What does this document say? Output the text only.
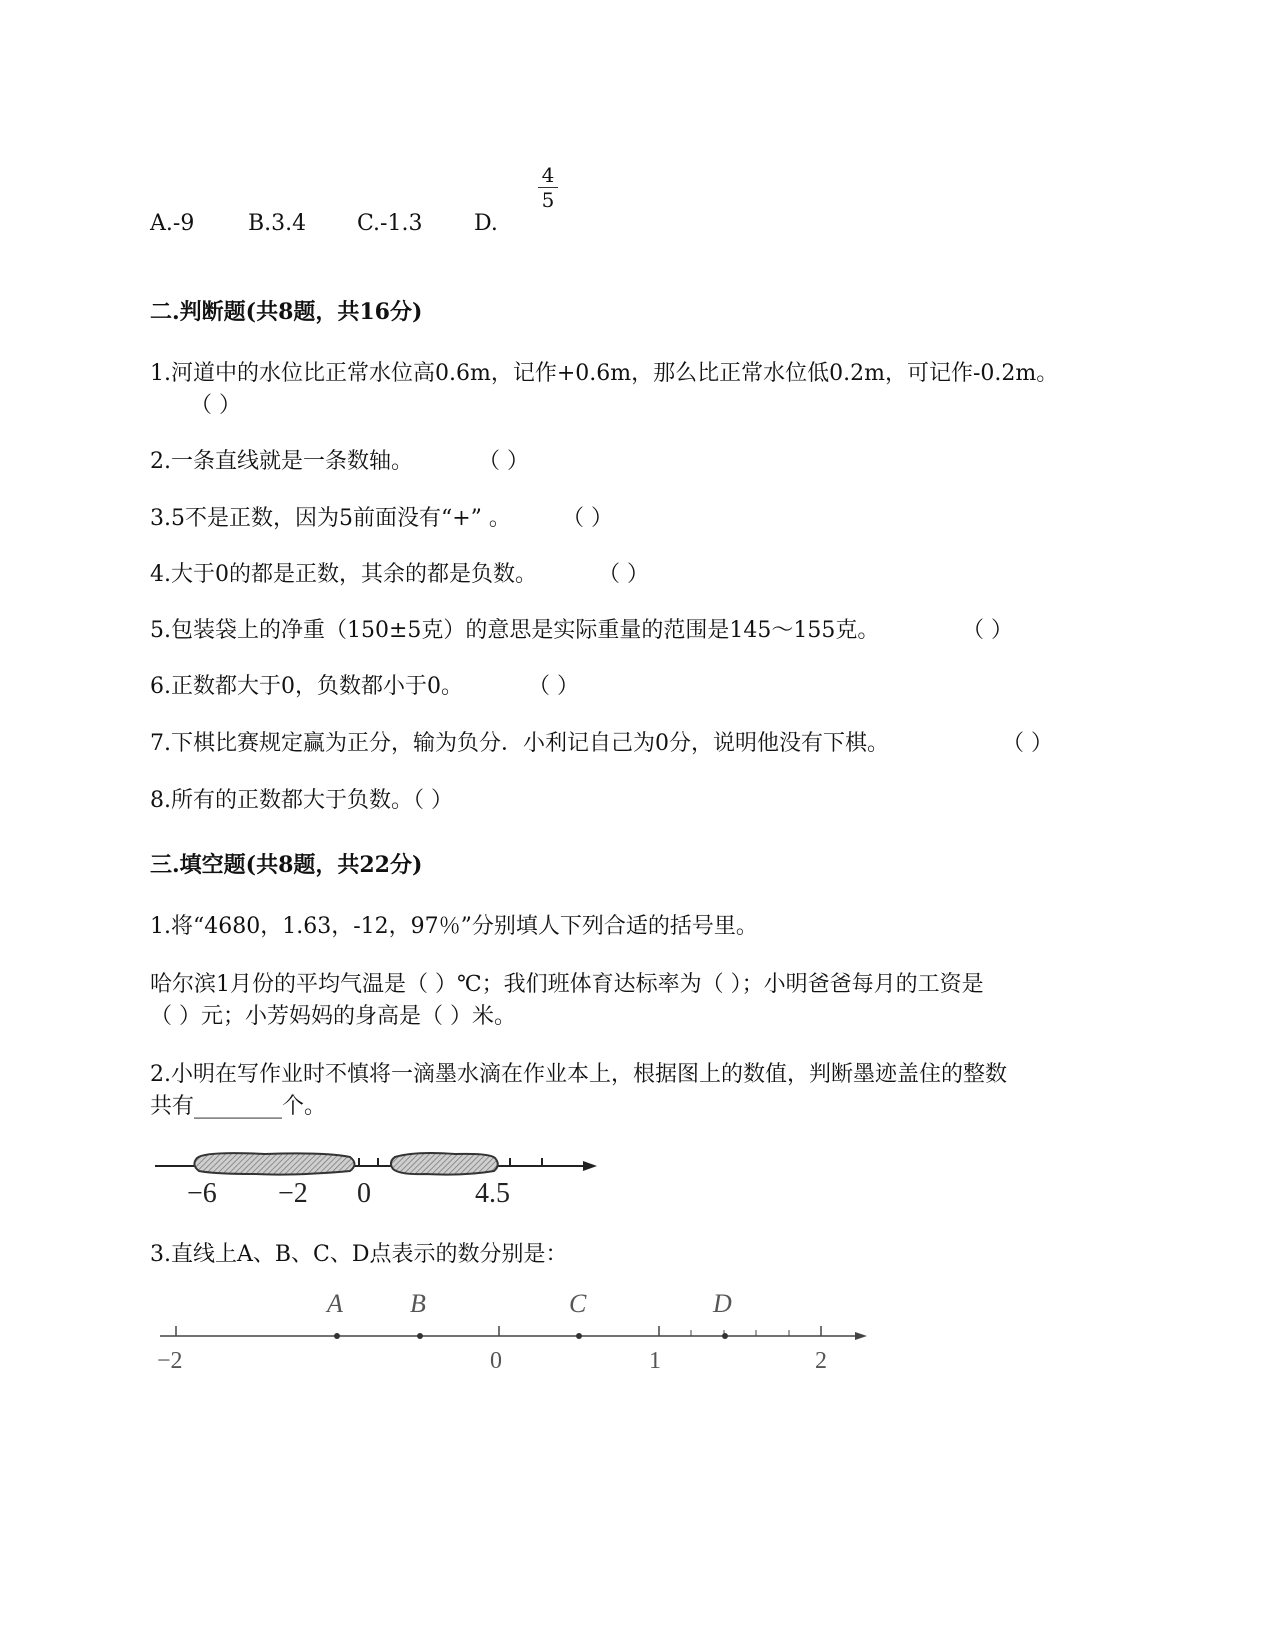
A.-9 B.3.4 C.-1.3 D.
4
5
二.判断题(共8题，共16分)
1.河道中的水位比正常水位高0.6m，记作+0.6m，那么比正常水位低0.2m，可记作-0.2m。
（ ）
2.一条直线就是一条数轴。	（ ）
3.5不是正数，因为5前面没有“+” 。 （ ）
4.大于0的都是正数，其余的都是负数。	（ ）
5.包装袋上的净重（150±5克）的意思是实际重量的范围是145～155克。	（ ）
6.正数都大于0，负数都小于0。	（ ）
7.下棋比赛规定赢为正分，输为负分．小利记自己为0分，说明他没有下棋。	（ ）
8.所有的正数都大于负数。（ ）
三.填空题(共8题，共22分)
1.将“4680，1.63，-12，97％”分别填人下列合适的括号里。
哈尔滨1月份的平均气温是（ ）℃；我们班体育达标率为（ ）；小明爸爸每月的工资是
（ ）元；小芳妈妈的身高是（ ）米。
2.小明在写作业时不慎将一滴墨水滴在作业本上，根据图上的数值，判断墨迹盖住的整数
共有________个。
−6 −2 0	4.5
3.直线上A、B、C、D点表示的数分别是：
A	B	C	D
−2	0	1	2
